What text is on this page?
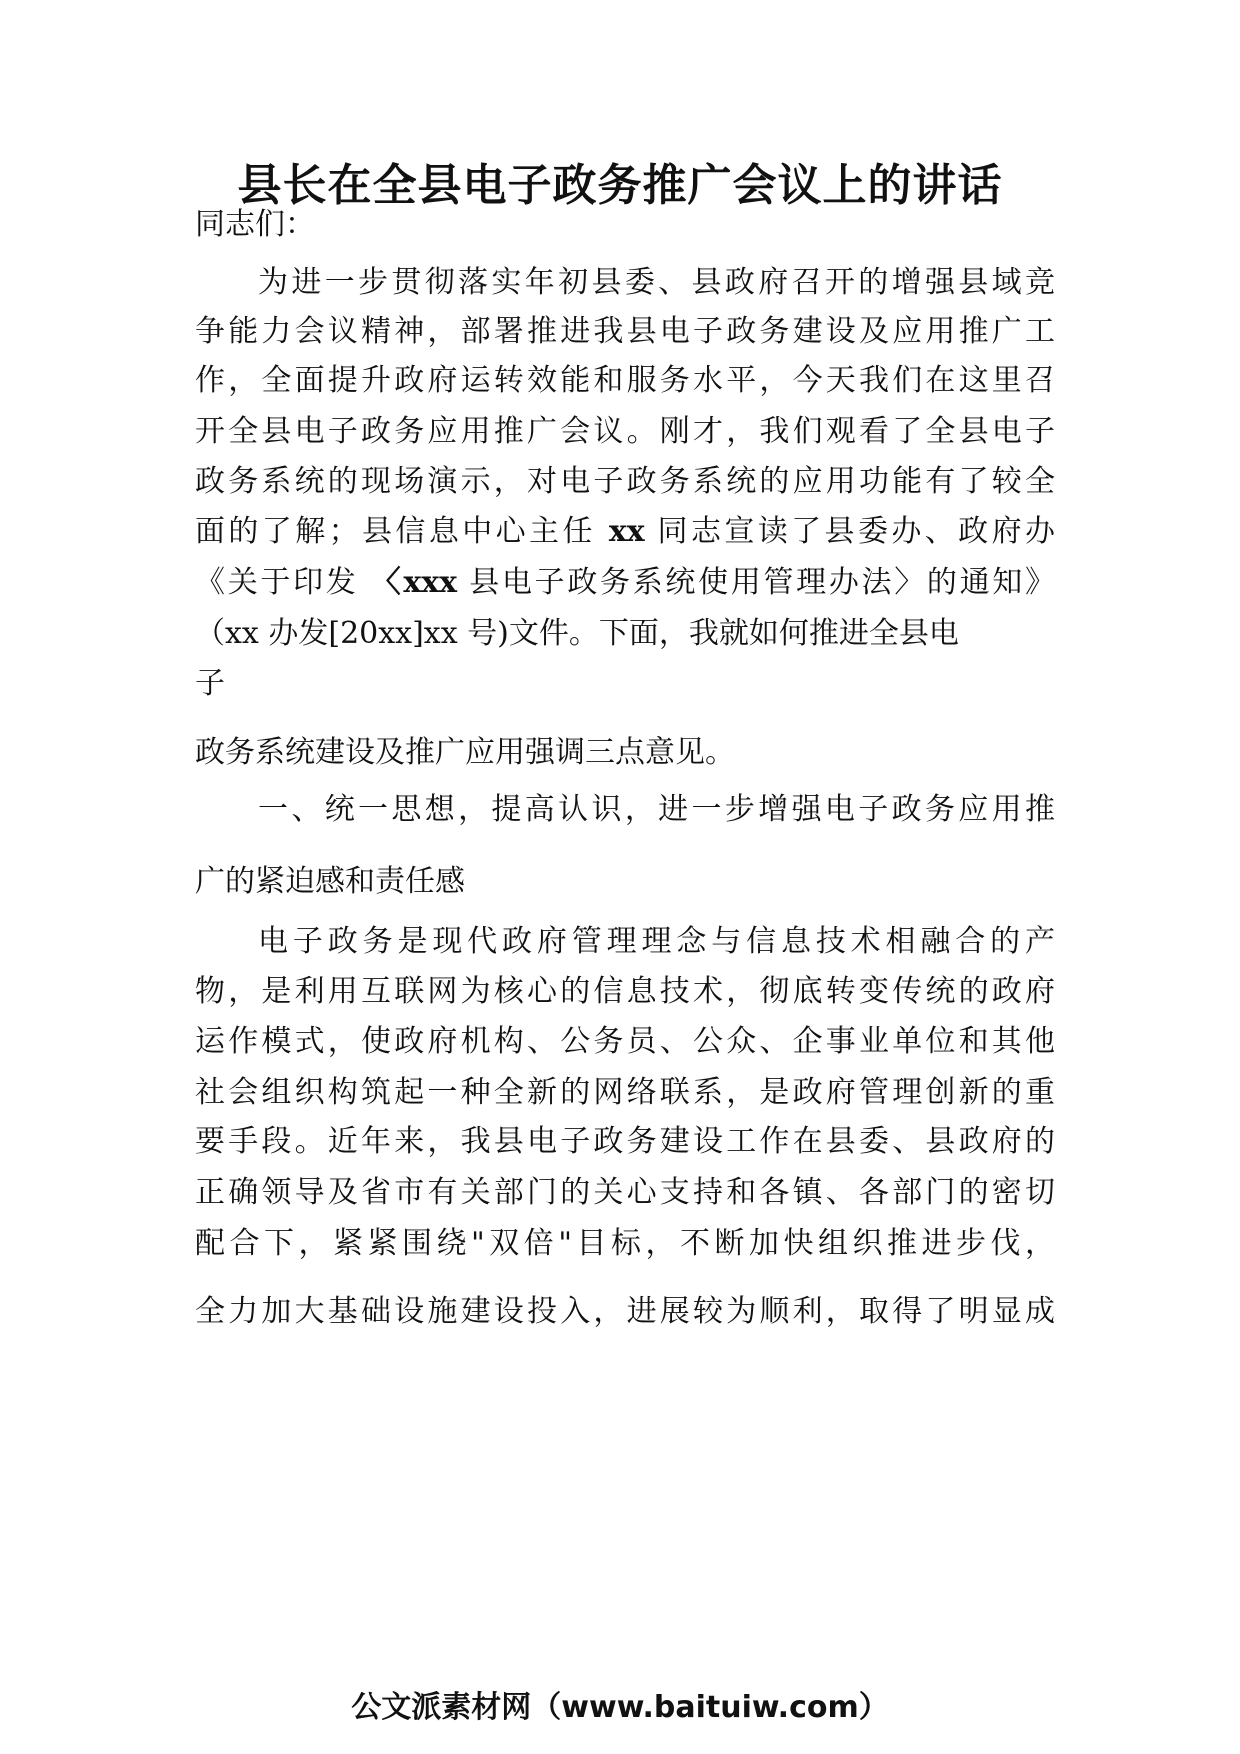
县长在全县电子政务推广会议上的讲话

同志们：

为进一步贯彻落实年初县委、县政府召开的增强县域竞

争能力会议精神，部署推进我县电子政务建设及应用推广工

作，全面提升政府运转效能和服务水平，今天我们在这里召

开全县电子政务应用推广会议。刚才，我们观看了全县电子

政务系统的现场演示，对电子政务系统的应用功能有了较全

面的了解；县信息中心主任 xx 同志宣读了县委办、政府办

《关于印发 〈xxx 县电子政务系统使用管理办法〉的通知》

（xx 办发[20xx]xx 号)文件。下面，我就如何推进全县电

子

政务系统建设及推广应用强调三点意见。

一、统一思想，提高认识，进一步增强电子政务应用推

广的紧迫感和责任感

电子政务是现代政府管理理念与信息技术相融合的产

物，是利用互联网为核心的信息技术，彻底转变传统的政府

运作模式，使政府机构、公务员、公众、企事业单位和其他

社会组织构筑起一种全新的网络联系，是政府管理创新的重

要手段。近年来，我县电子政务建设工作在县委、县政府的

正确领导及省市有关部门的关心支持和各镇、各部门的密切

配合下，紧紧围绕"双倍"目标，不断加快组织推进步伐，

全力加大基础设施建设投入，进展较为顺利，取得了明显成

公文派素材网（www.baituiw.com）
